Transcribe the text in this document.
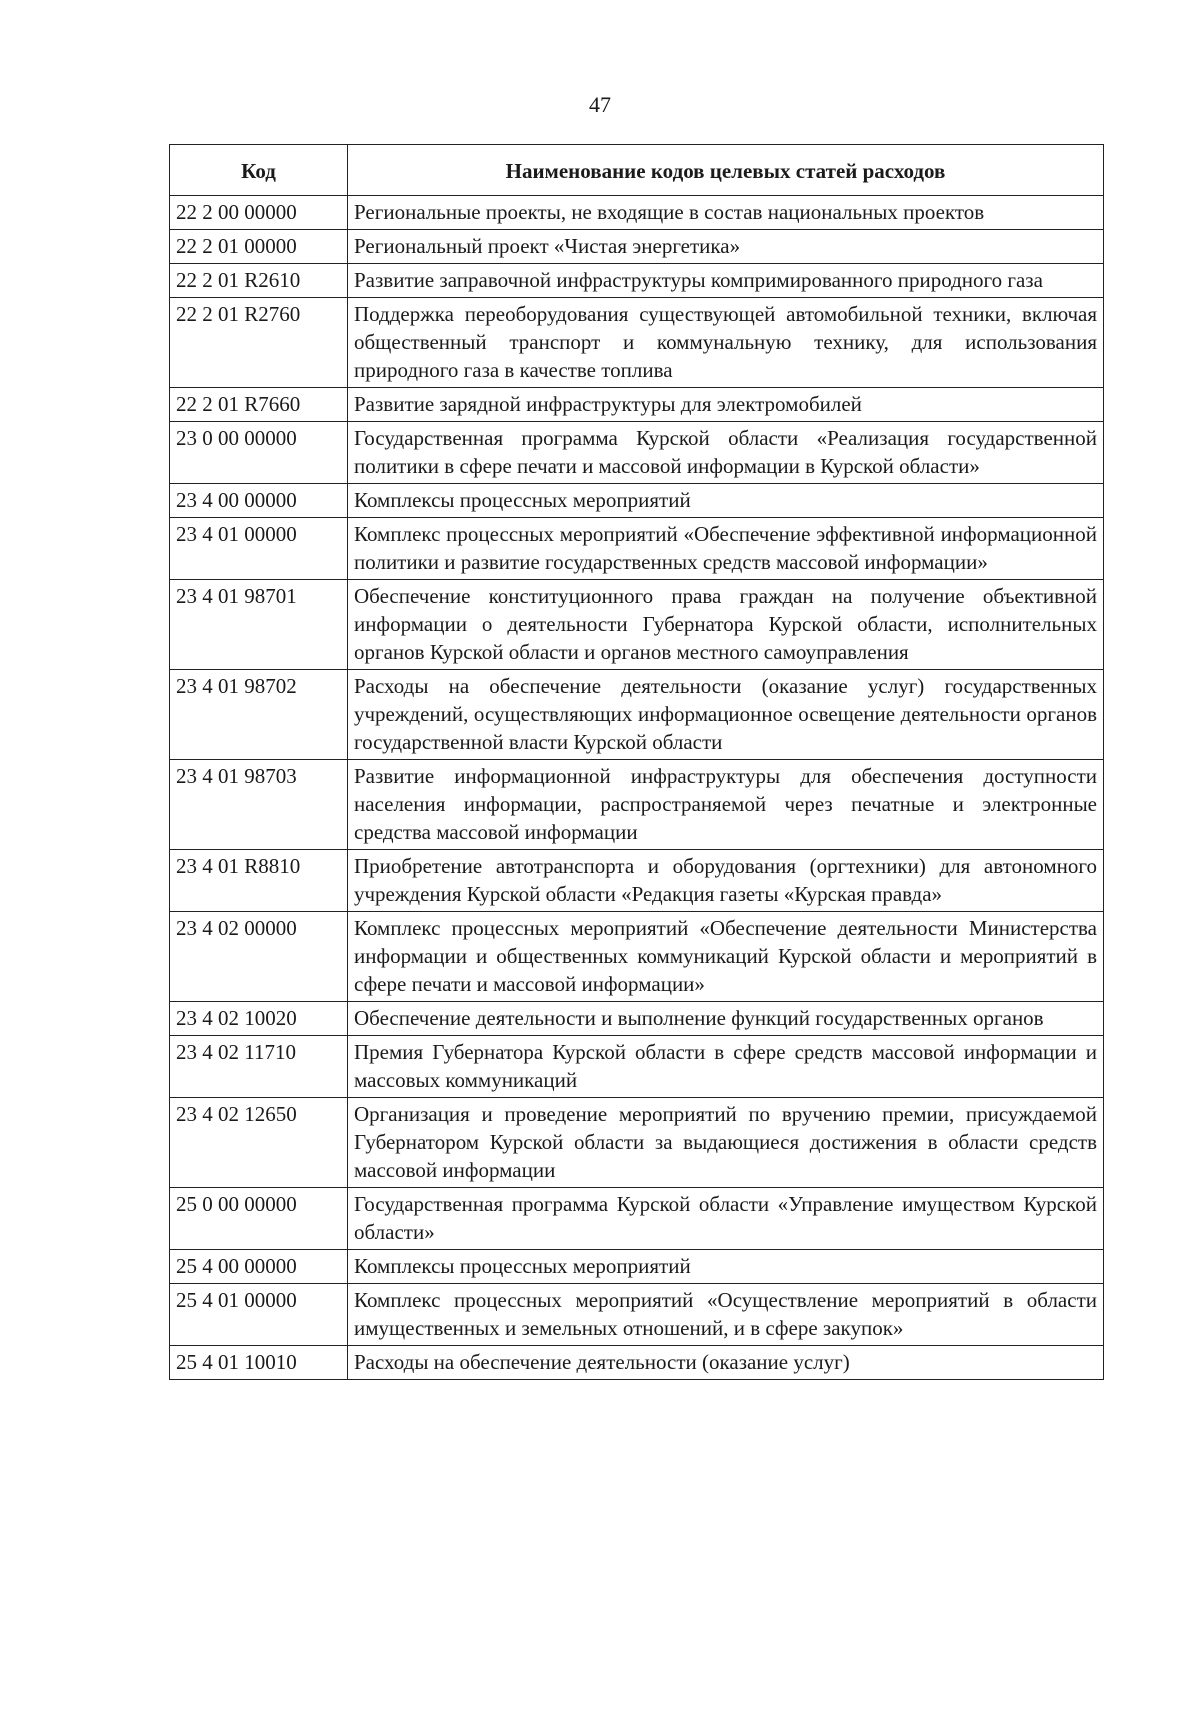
47
Код	Наименование кодов целевых статей расходов
22 2 00 00000	Региональные проекты, не входящие в состав национальных проектов
22 2 01 00000	Региональный проект «Чистая энергетика»
22 2 01 R2610	Развитие заправочной инфраструктуры компримированного природного газа
22 2 01 R2760	Поддержка переоборудования существующей автомобильной техники, включая общественный транспорт и коммунальную технику, для использования природного газа в качестве топлива
22 2 01 R7660	Развитие зарядной инфраструктуры для электромобилей
23 0 00 00000	Государственная программа Курской области «Реализация государственной политики в сфере печати и массовой информации в Курской области»
23 4 00 00000	Комплексы процессных мероприятий
23 4 01 00000	Комплекс процессных мероприятий «Обеспечение эффективной информационной политики и развитие государственных средств массовой информации»
23 4 01 98701	Обеспечение конституционного права граждан на получение объективной информации о деятельности Губернатора Курской области, исполнительных органов Курской области и органов местного самоуправления
23 4 01 98702	Расходы на обеспечение деятельности (оказание услуг) государственных учреждений, осуществляющих информационное освещение деятельности органов государственной власти Курской области
23 4 01 98703	Развитие информационной инфраструктуры для обеспечения доступности населения информации, распространяемой через печатные и электронные средства массовой информации
23 4 01 R8810	Приобретение автотранспорта и оборудования (оргтехники) для автономного учреждения Курской области «Редакция газеты «Курская правда»
23 4 02 00000	Комплекс процессных мероприятий «Обеспечение деятельности Министерства информации и общественных коммуникаций Курской области и мероприятий в сфере печати и массовой информации»
23 4 02 10020	Обеспечение деятельности и выполнение функций государственных органов
23 4 02 11710	Премия Губернатора Курской области в сфере средств массовой информации и массовых коммуникаций
23 4 02 12650	Организация и проведение мероприятий по вручению премии, присуждаемой Губернатором Курской области за выдающиеся достижения в области средств массовой информации
25 0 00 00000	Государственная программа Курской области «Управление имуществом Курской области»
25 4 00 00000	Комплексы процессных мероприятий
25 4 01 00000	Комплекс процессных мероприятий «Осуществление мероприятий в области имущественных и земельных отношений, и в сфере закупок»
25 4 01 10010	Расходы на обеспечение деятельности (оказание услуг)
